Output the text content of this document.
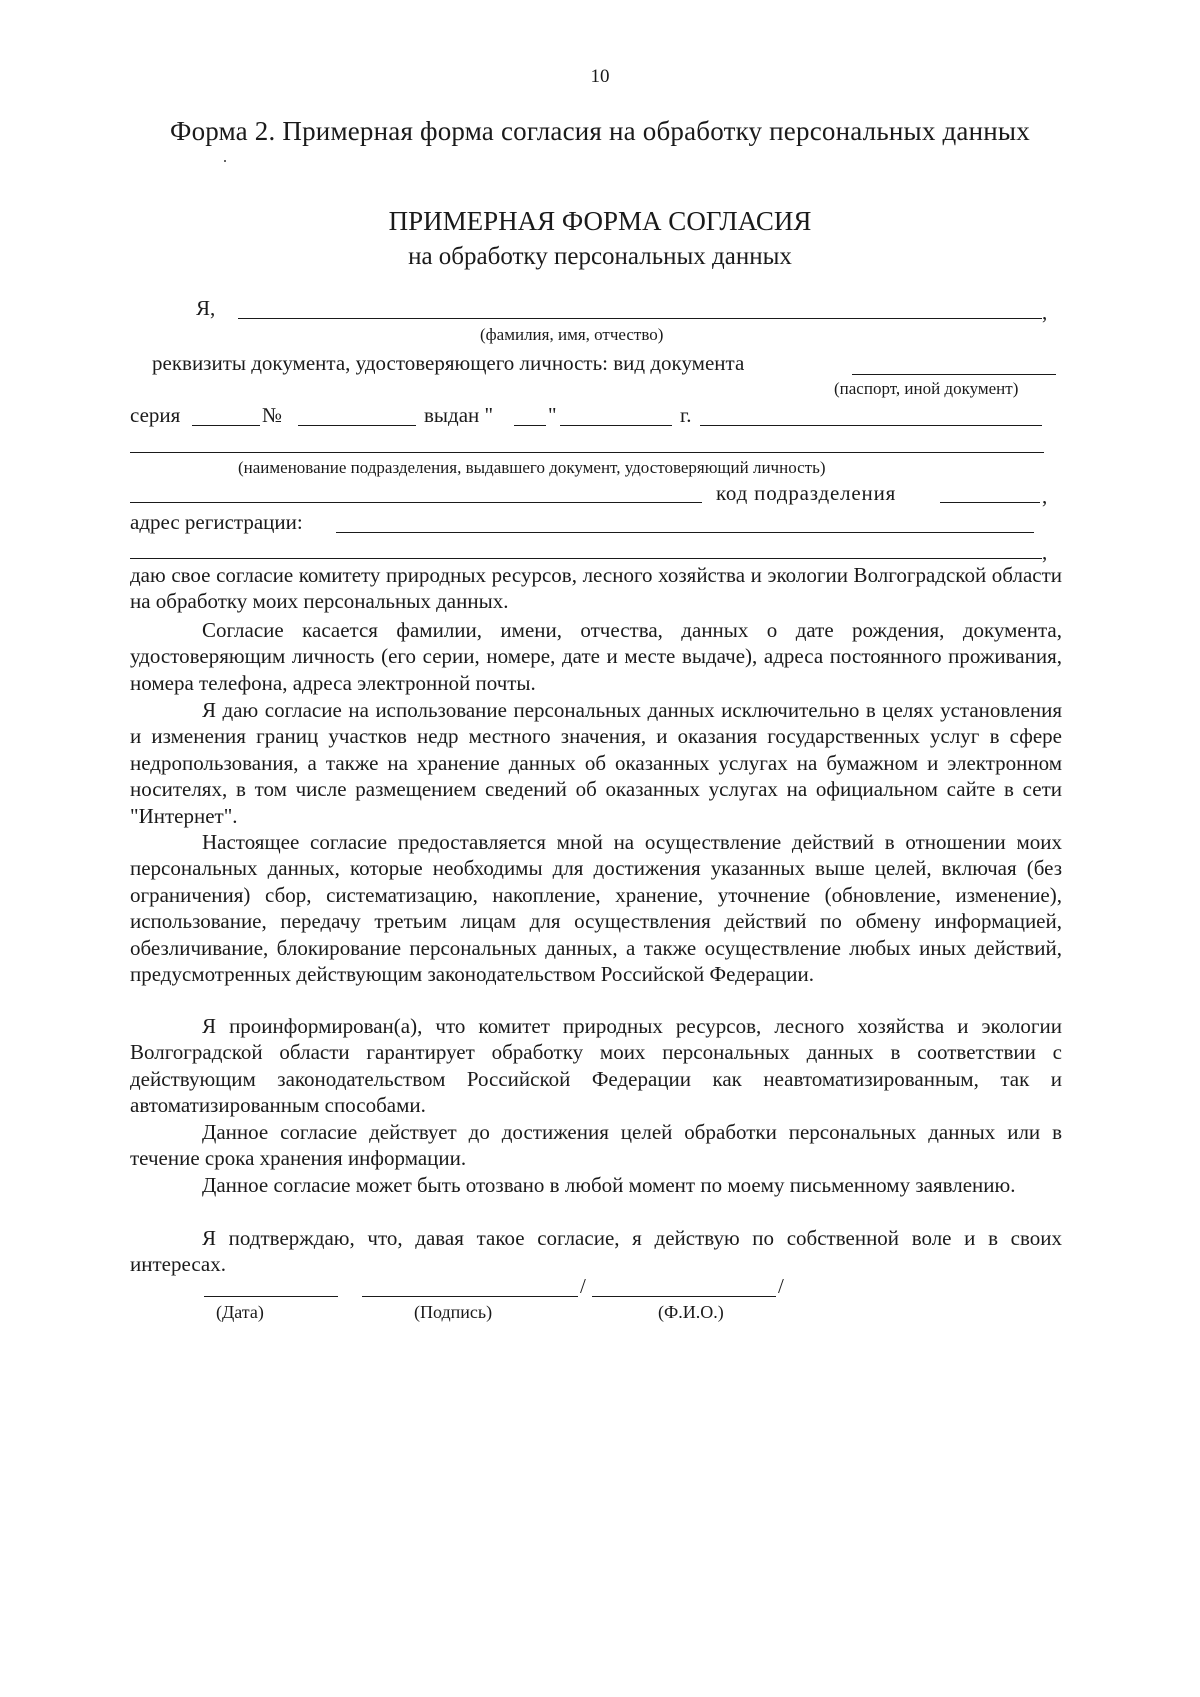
10
Форма 2. Примерная форма согласия на обработку персональных данных
ПРИМЕРНАЯ ФОРМА СОГЛАСИЯ
на обработку персональных данных
Я,	,
(фамилия, имя, отчество)
реквизиты документа, удостоверяющего личность: вид документа
(паспорт, иной документ)
серия	№	выдан "	"	г.
(наименование подразделения, выдавшего документ, удостоверяющий личность)
код подразделения	,
адрес регистрации:
,

даю свое согласие комитету природных ресурсов, лесного хозяйства и экологии Волгоградской области на обработку моих персональных данных.

Согласие касается фамилии, имени, отчества, данных о дате рождения, документа, удостоверяющим личность (его серии, номере, дате и месте выдаче), адреса постоянного проживания, номера телефона, адреса электронной почты.

Я даю согласие на использование персональных данных исключительно в целях установления и изменения границ участков недр местного значения, и оказания государственных услуг в сфере недропользования, а также на хранение данных об оказанных услугах на бумажном и электронном носителях, в том числе размещением сведений об оказанных услугах на официальном сайте в сети "Интернет".

Настоящее согласие предоставляется мной на осуществление действий в отношении моих персональных данных, которые необходимы для достижения указанных выше целей, включая (без ограничения) сбор, систематизацию, накопление, хранение, уточнение (обновление, изменение), использование, передачу третьим лицам для осуществления действий по обмену информацией, обезличивание, блокирование персональных данных, а также осуществление любых иных действий, предусмотренных действующим законодательством Российской Федерации.

Я проинформирован(а), что комитет природных ресурсов, лесного хозяйства и экологии Волгоградской области гарантирует обработку моих персональных данных в соответствии с действующим законодательством Российской Федерации как неавтоматизированным, так и автоматизированным способами.

Данное согласие действует до достижения целей обработки персональных данных или в течение срока хранения информации.

Данное согласие может быть отозвано в любой момент по моему письменному заявлению.

Я подтверждаю, что, давая такое согласие, я действую по собственной воле и в своих интересах.

/	/
(Дата)	(Подпись)	(Ф.И.О.)
